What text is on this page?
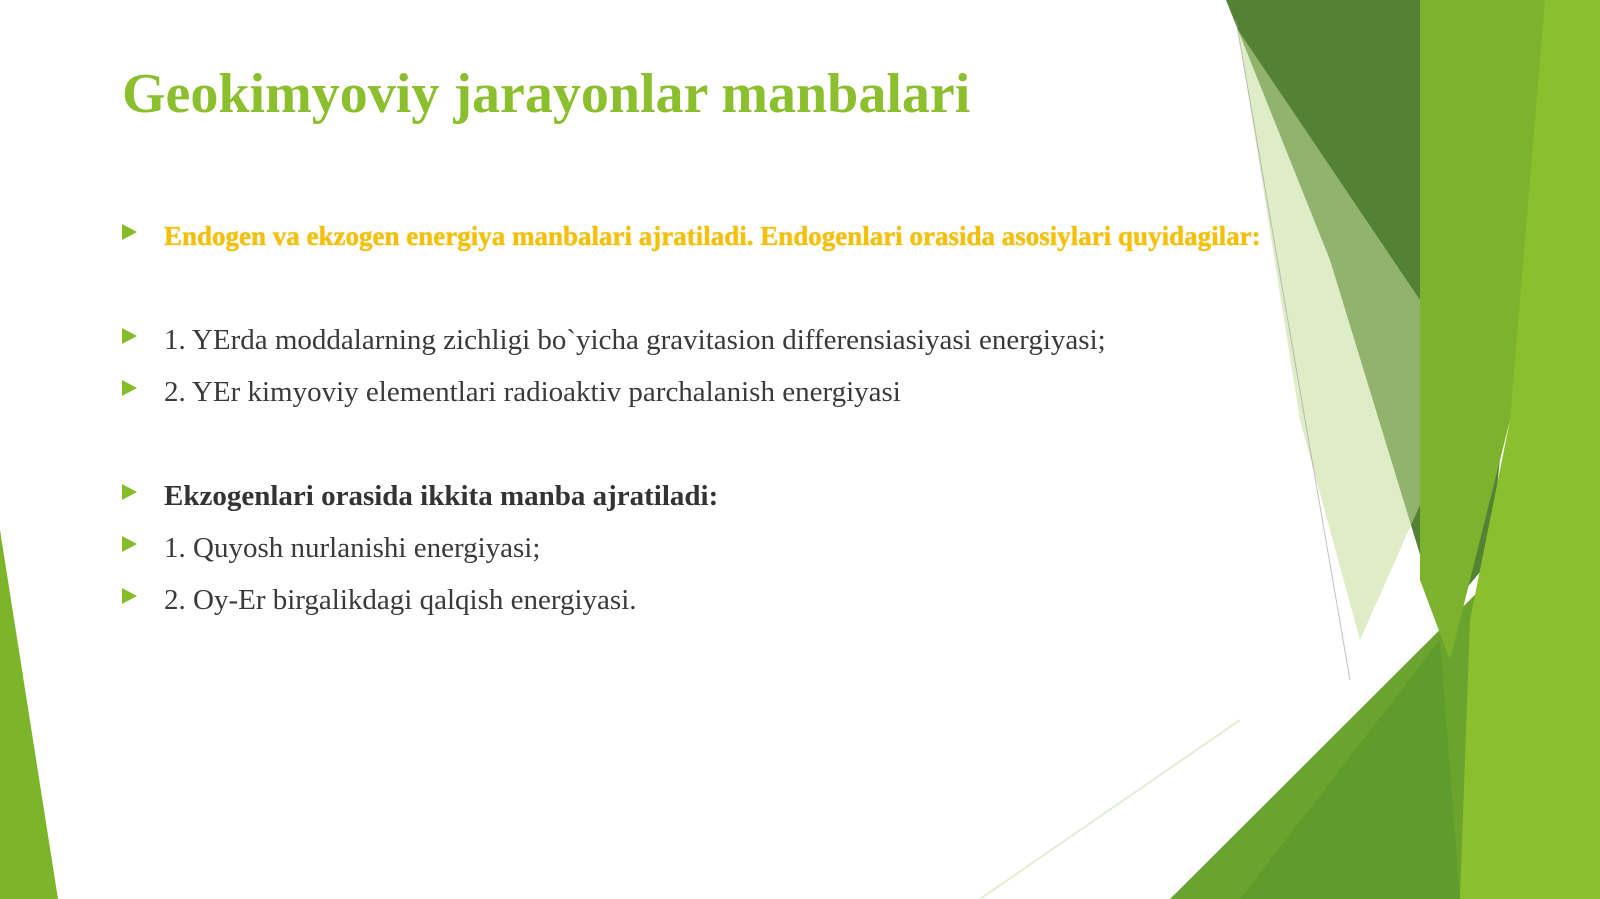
Geokimyoviy jarayonlar manbalari
Endogen va ekzogen energiya manbalari ajratiladi. Endogenlari orasida asosiylari quyidagilar:
1. YErda moddalarning zichligi bo`yicha gravitasion differensiasiyasi energiyasi;
2. YEr kimyoviy elementlari radioaktiv parchalanish energiyasi
Ekzogenlari orasida ikkita manba ajratiladi:
1. Quyosh nurlanishi energiyasi;
2. Oy-Er birgalikdagi qalqish energiyasi.
